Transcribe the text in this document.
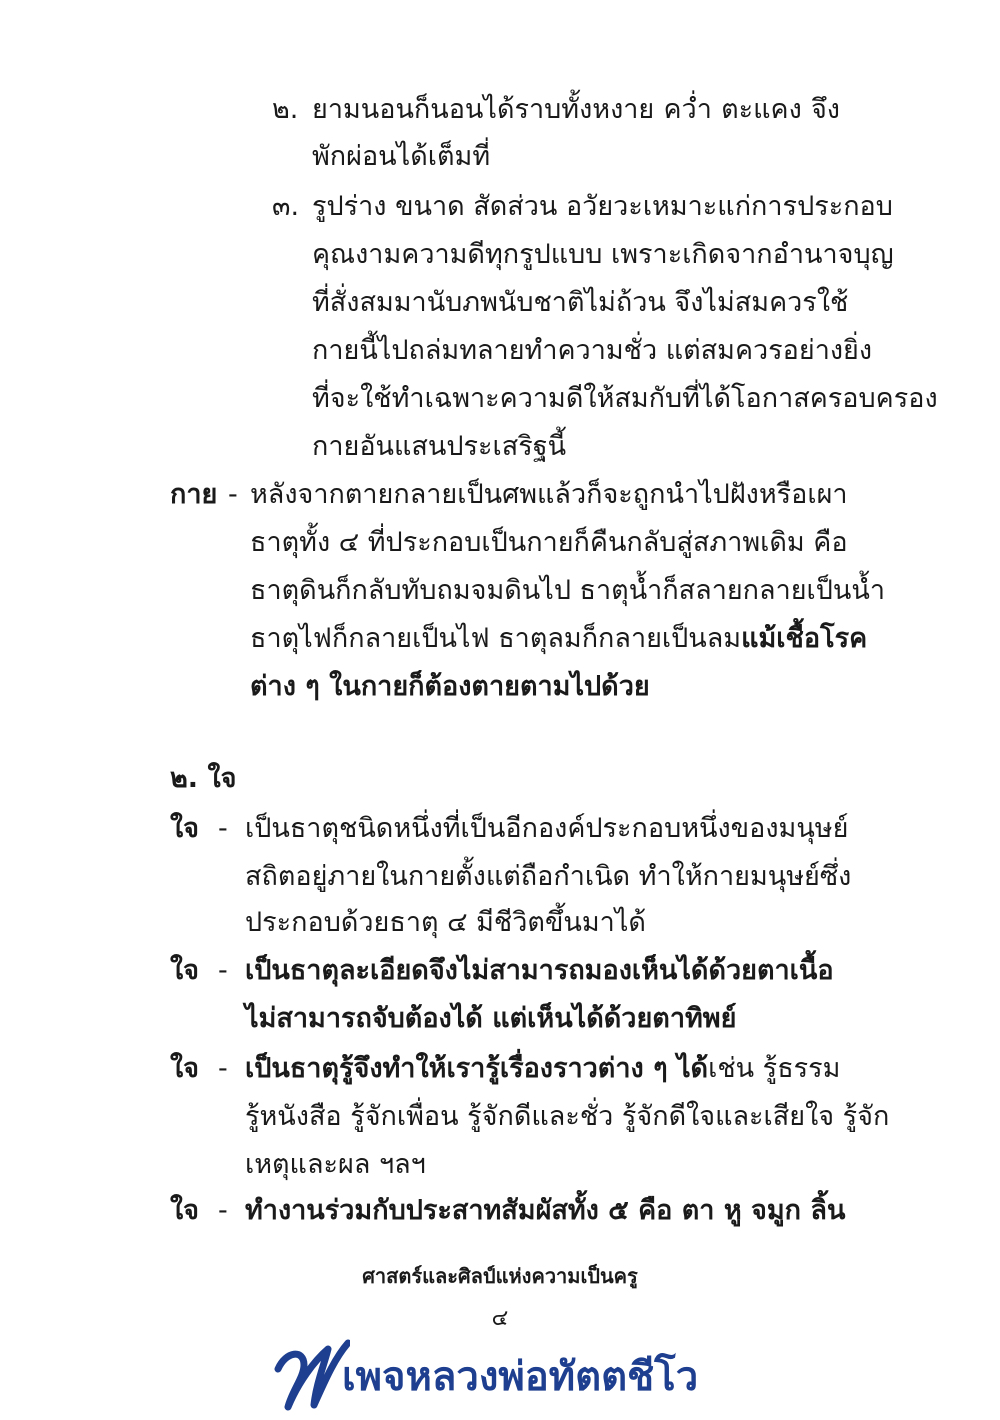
๒. ยามนอนก็นอนได้ราบทั้งหงาย คว่ำ ตะแคง จึง
พักผ่อนได้เต็มที่
๓. รูปร่าง ขนาด สัดส่วน อวัยวะเหมาะแก่การประกอบ
คุณงามความดีทุกรูปแบบ เพราะเกิดจากอำนาจบุญ
ที่สั่งสมมานับภพนับชาติไม่ถ้วน จึงไม่สมควรใช้
กายนี้ไปถล่มทลายทำความชั่ว แต่สมควรอย่างยิ่ง
ที่จะใช้ทำเฉพาะความดีให้สมกับที่ได้โอกาสครอบครอง
กายอันแสนประเสริฐนี้
กาย - หลังจากตายกลายเป็นศพแล้วก็จะถูกนำไปฝังหรือเผา
ธาตุทั้ง ๔ ที่ประกอบเป็นกายก็คืนกลับสู่สภาพเดิม คือ
ธาตุดินก็กลับทับถมจมดินไป ธาตุน้ำก็สลายกลายเป็นน้ำ
ธาตุไฟก็กลายเป็นไฟ ธาตุลมก็กลายเป็นลม แม้เชื้อโรค
ต่าง ๆ ในกายก็ต้องตายตามไปด้วย
๒. ใจ
ใจ - เป็นธาตุชนิดหนึ่งที่เป็นอีกองค์ประกอบหนึ่งของมนุษย์
สถิตอยู่ภายในกายตั้งแต่ถือกำเนิด ทำให้กายมนุษย์ซึ่ง
ประกอบด้วยธาตุ ๔ มีชีวิตขึ้นมาได้
ใจ - เป็นธาตุละเอียดจึงไม่สามารถมองเห็นได้ด้วยตาเนื้อ
ไม่สามารถจับต้องได้ แต่เห็นได้ด้วยตาทิพย์
ใจ - เป็นธาตุรู้จึงทำให้เรารู้เรื่องราวต่าง ๆ ได้ เช่น รู้ธรรม
รู้หนังสือ รู้จักเพื่อน รู้จักดีและชั่ว รู้จักดีใจและเสียใจ รู้จัก
เหตุและผล ฯลฯ
ใจ - ทำงานร่วมกับประสาทสัมผัสทั้ง ๕ คือ ตา หู จมูก ลิ้น
ศาสตร์และศิลป์แห่งความเป็นครู
๔
เพจหลวงพ่อทัตตชีโว
